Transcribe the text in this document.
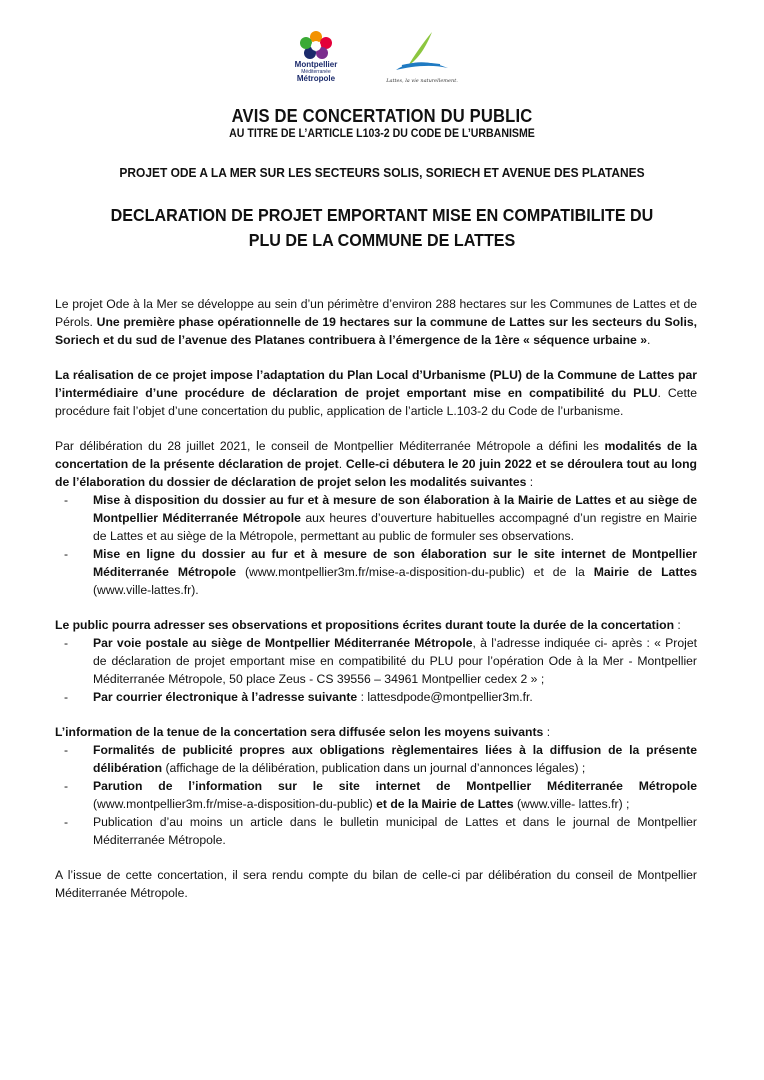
Montpellier
Méditerranée
Métropole	Lattes, la vie naturellement.
AVIS DE CONCERTATION DU PUBLIC
AU TITRE DE L’ARTICLE L103-2 DU CODE DE L’URBANISME
PROJET ODE A LA MER SUR LES SECTEURS SOLIS, SORIECH ET AVENUE DES PLATANES
DECLARATION DE PROJET EMPORTANT MISE EN COMPATIBILITE DU
PLU DE LA COMMUNE DE LATTES

Le projet Ode à la Mer se développe au sein d’un périmètre d’environ 288 hectares sur les Communes de Lattes et de Pérols. Une première phase opérationnelle de 19 hectares sur la commune de Lattes sur les secteurs du Solis, Soriech et du sud de l’avenue des Platanes contribuera à l’émergence de la 1ère « séquence urbaine ».

La réalisation de ce projet impose l’adaptation du Plan Local d’Urbanisme (PLU) de la Commune de Lattes par l’intermédiaire d’une procédure de déclaration de projet emportant mise en compatibilité du PLU. Cette procédure fait l’objet d’une concertation du public, application de l’article L.103-2 du Code de l’urbanisme.

Par délibération du 28 juillet 2021, le conseil de Montpellier Méditerranée Métropole a défini les modalités de la concertation de la présente déclaration de projet. Celle-ci débutera le 20 juin 2022 et se déroulera tout au long de l’élaboration du dossier de déclaration de projet selon les modalités suivantes :

- Mise à disposition du dossier au fur et à mesure de son élaboration à la Mairie de Lattes et au siège de Montpellier Méditerranée Métropole aux heures d’ouverture habituelles accompagné d’un registre en Mairie de Lattes et au siège de la Métropole, permettant au public de formuler ses observations.
- Mise en ligne du dossier au fur et à mesure de son élaboration sur le site internet de Montpellier Méditerranée Métropole (www.montpellier3m.fr/mise-a-disposition-du-public) et de la Mairie de Lattes (www.ville-lattes.fr).

Le public pourra adresser ses observations et propositions écrites durant toute la durée de la concertation :

- Par voie postale au siège de Montpellier Méditerranée Métropole, à l’adresse indiquée ci- après : « Projet de déclaration de projet emportant mise en compatibilité du PLU pour l’opération Ode à la Mer - Montpellier Méditerranée Métropole, 50 place Zeus - CS 39556 – 34961 Montpellier cedex 2 » ;
- Par courrier électronique à l’adresse suivante : lattesdpode@montpellier3m.fr.

L’information de la tenue de la concertation sera diffusée selon les moyens suivants :

- Formalités de publicité propres aux obligations règlementaires liées à la diffusion de la présente délibération (affichage de la délibération, publication dans un journal d’annonces légales) ;
- Parution de l’information sur le site internet de Montpellier Méditerranée Métropole (www.montpellier3m.fr/mise-a-disposition-du-public) et de la Mairie de Lattes (www.ville- lattes.fr) ;
- Publication d’au moins un article dans le bulletin municipal de Lattes et dans le journal de Montpellier Méditerranée Métropole.

A l’issue de cette concertation, il sera rendu compte du bilan de celle-ci par délibération du conseil de Montpellier Méditerranée Métropole.
